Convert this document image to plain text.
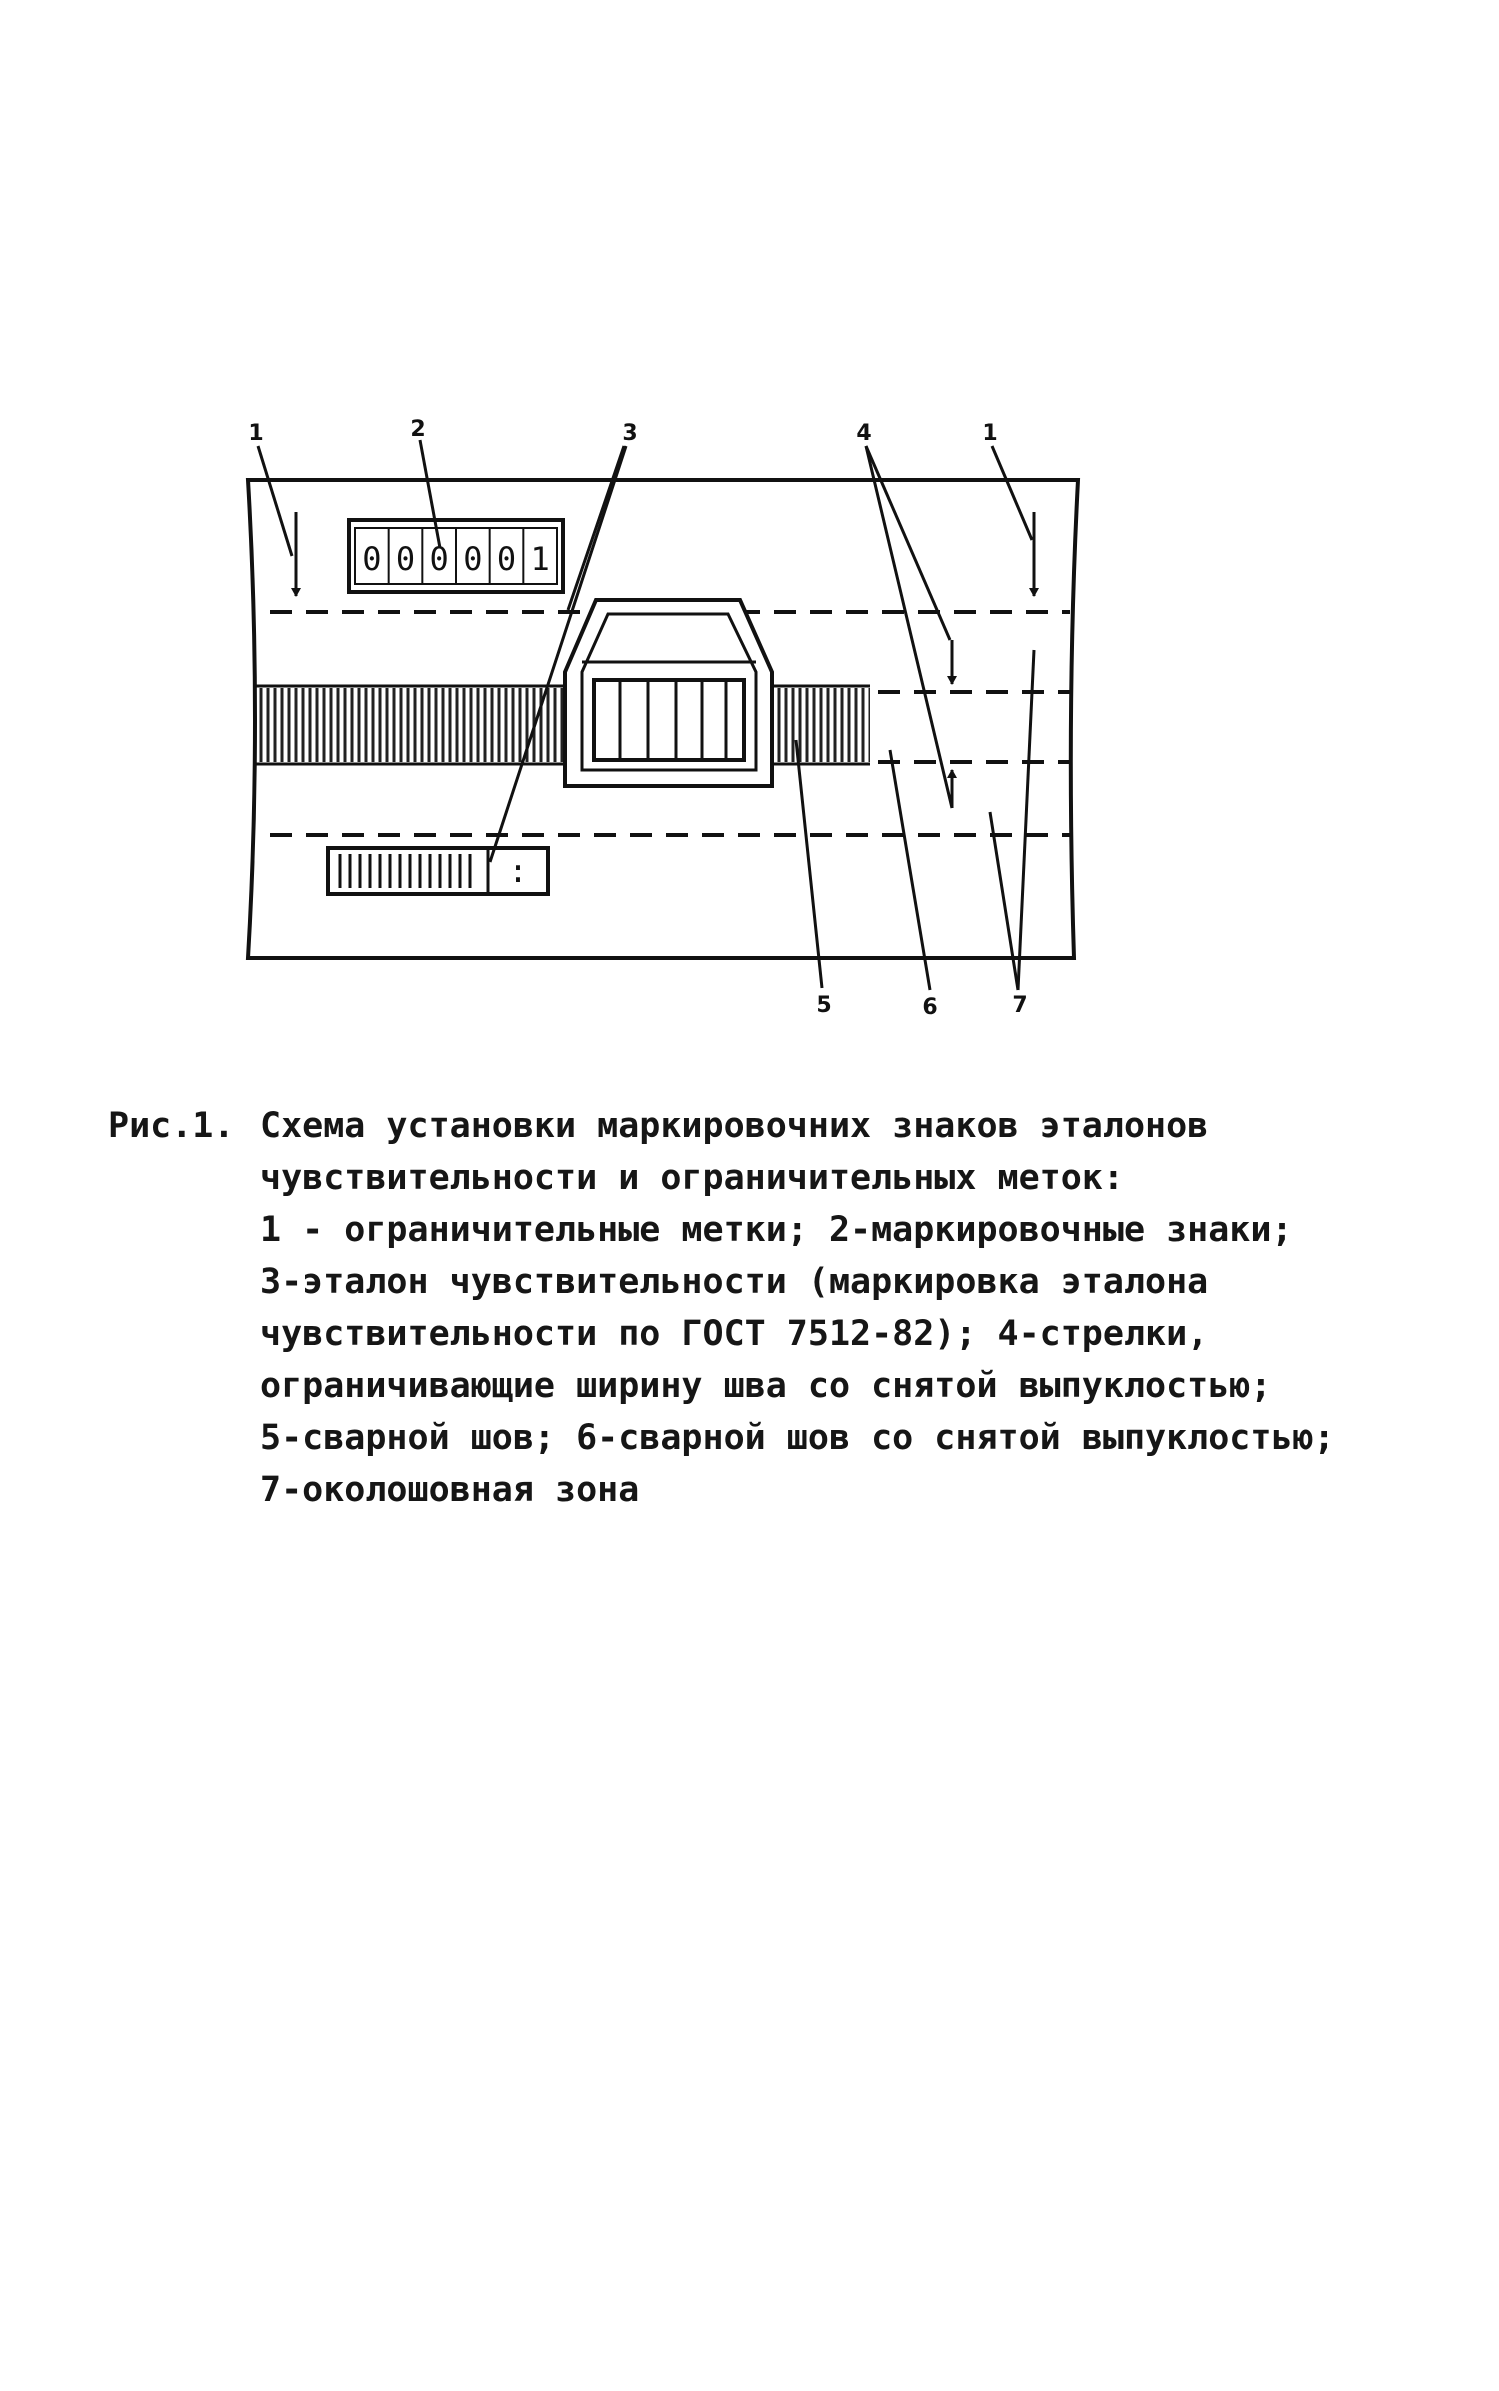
0 0 0 0 0 1
:
1	2	3	4	1
5	6	7
Рис.1. Схема установки маркировочних знаков эталонов
чувствительности и ограничительных меток:
1 - ограничительные метки; 2-маркировочные знаки;
3-эталон чувствительности (маркировка эталона
чувствительности по ГОСТ 7512-82); 4-стрелки,
ограничивающие ширину шва со снятой выпуклостью;
5-сварной шов; 6-сварной шов со снятой выпуклостью;
7-околошовная зона
